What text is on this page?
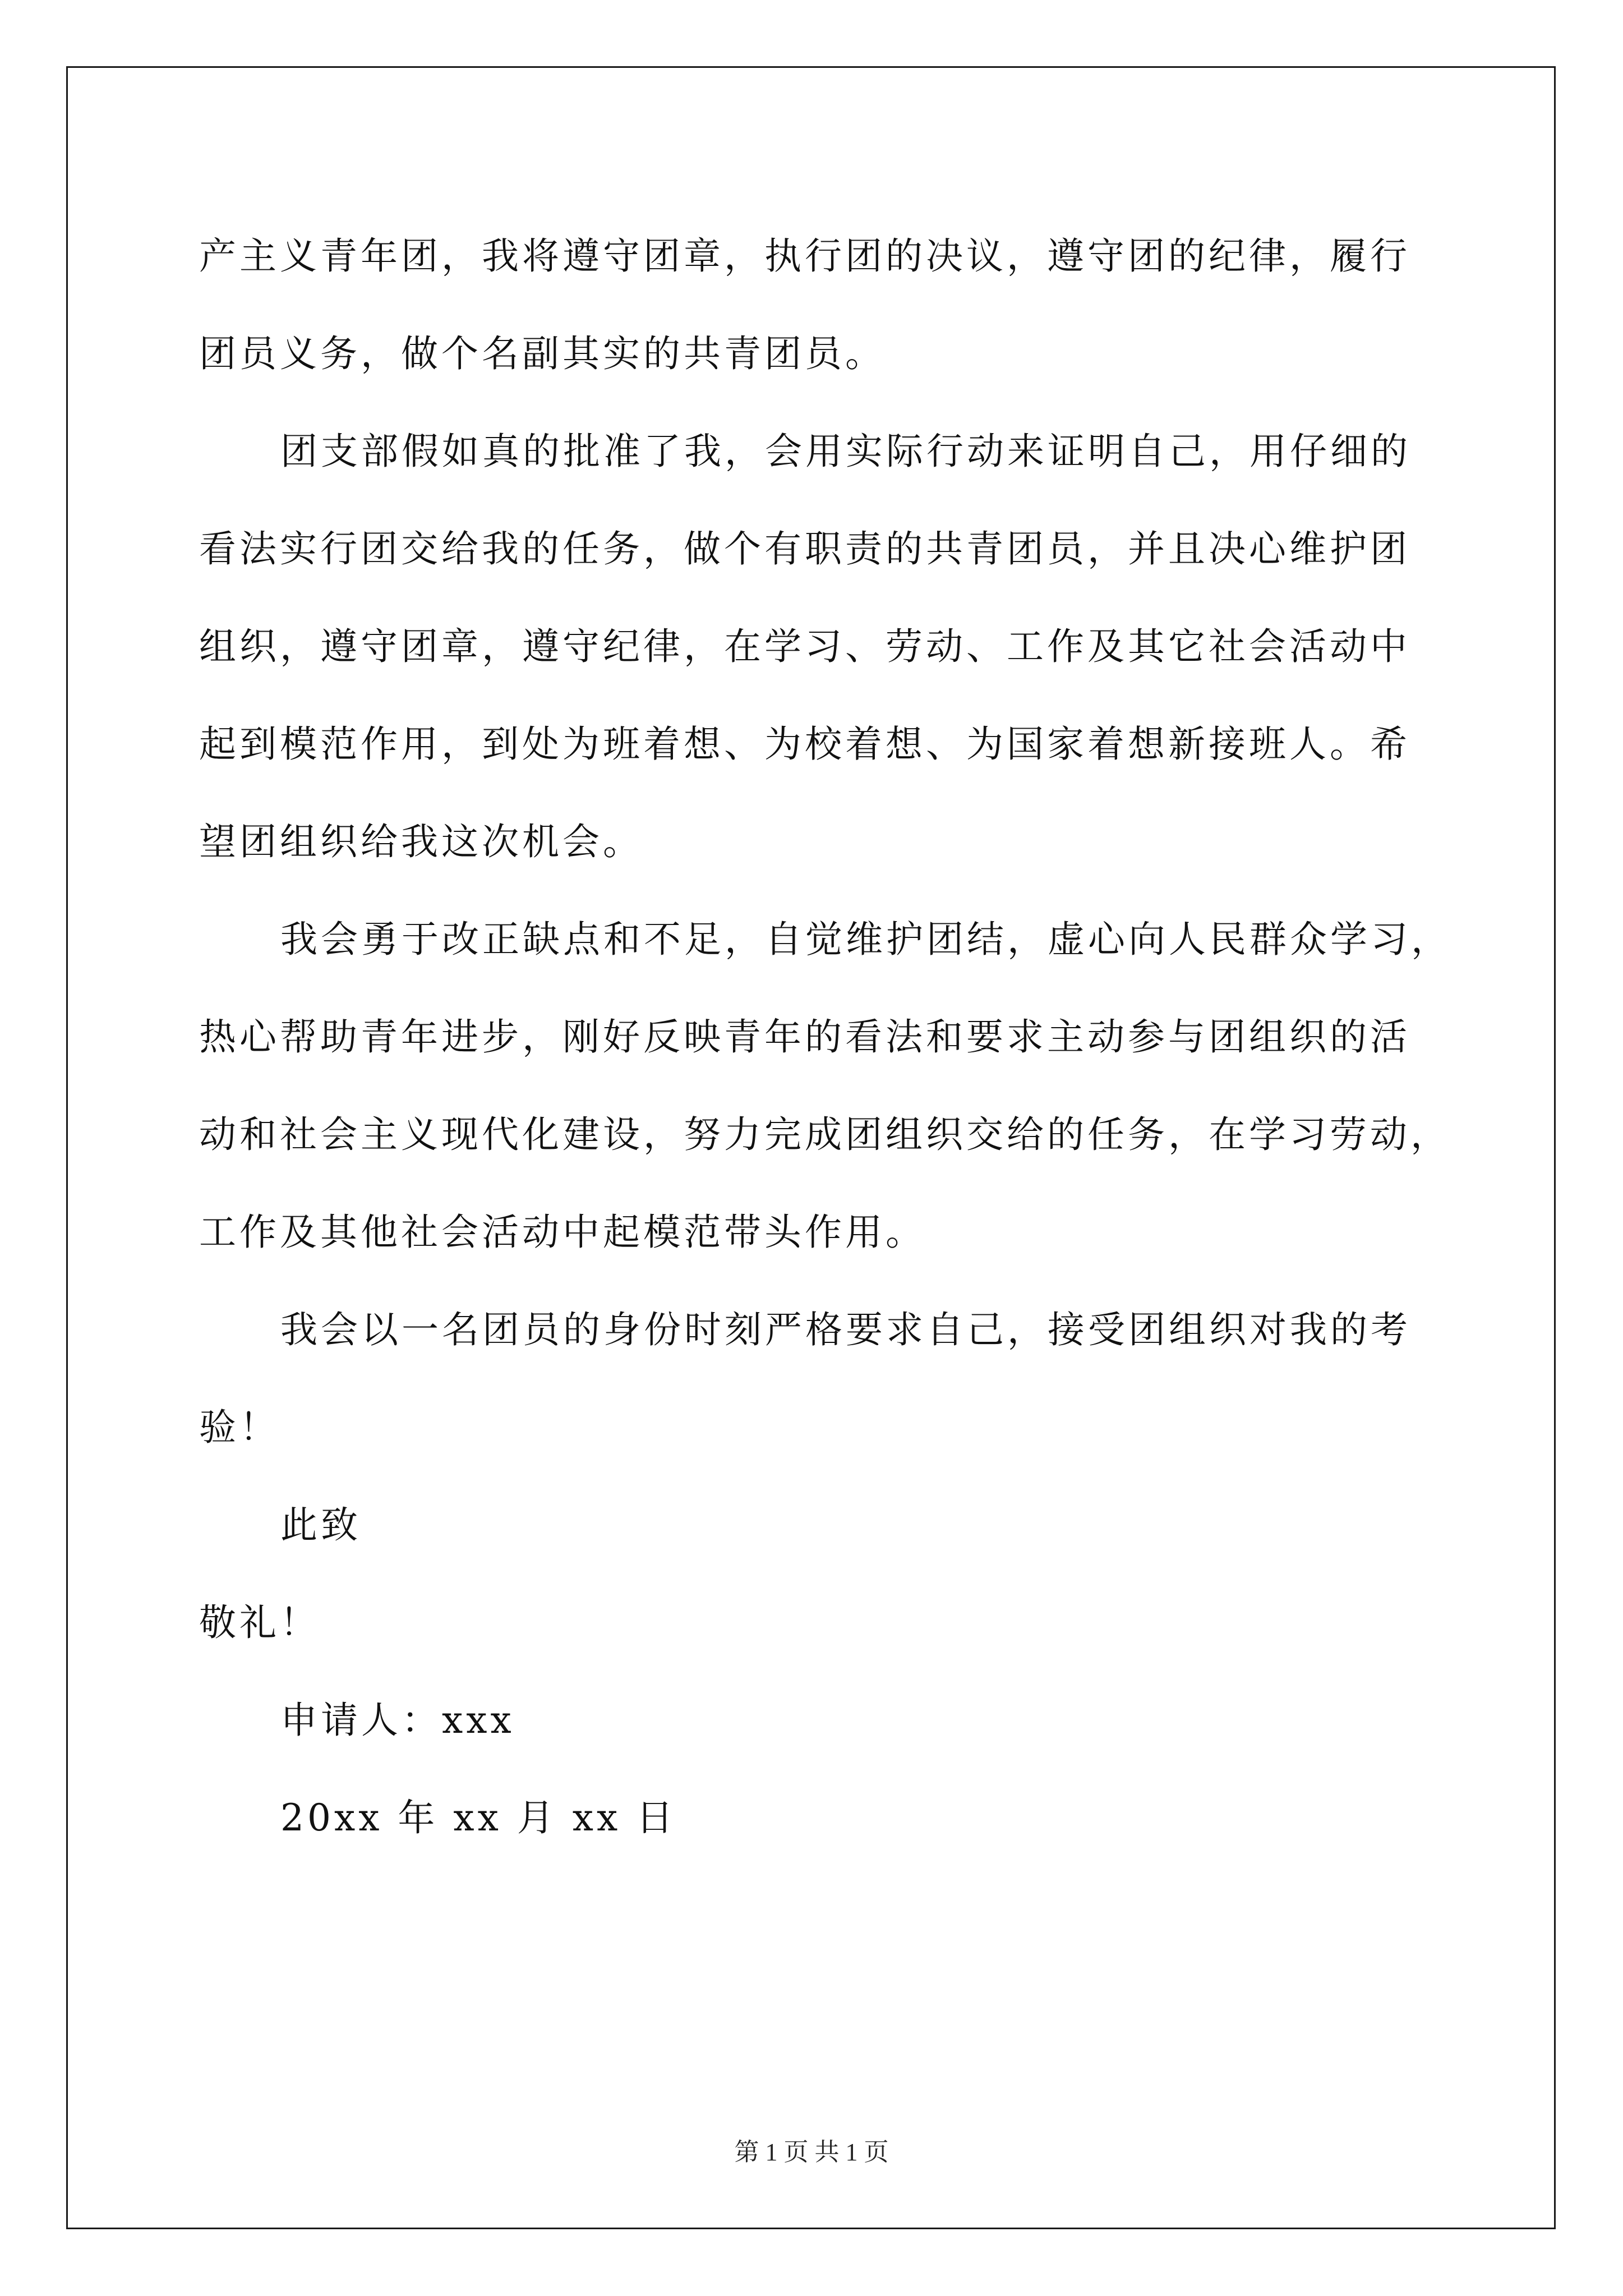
产主义青年团，我将遵守团章，执行团的决议，遵守团的纪律，履行
团员义务，做个名副其实的共青团员。
团支部假如真的批准了我，会用实际行动来证明自己，用仔细的
看法实行团交给我的任务，做个有职责的共青团员，并且决心维护团
组织，遵守团章，遵守纪律，在学习、劳动、工作及其它社会活动中
起到模范作用，到处为班着想、为校着想、为国家着想新接班人。希
望团组织给我这次机会。
我会勇于改正缺点和不足，自觉维护团结，虚心向人民群众学习，
热心帮助青年进步，刚好反映青年的看法和要求主动参与团组织的活
动和社会主义现代化建设，努力完成团组织交给的任务，在学习劳动，
工作及其他社会活动中起模范带头作用。
我会以一名团员的身份时刻严格要求自己，接受团组织对我的考
验！
此致
敬礼！
申请人：xxx
20xx 年 xx 月 xx 日
第 1 页 共 1 页
